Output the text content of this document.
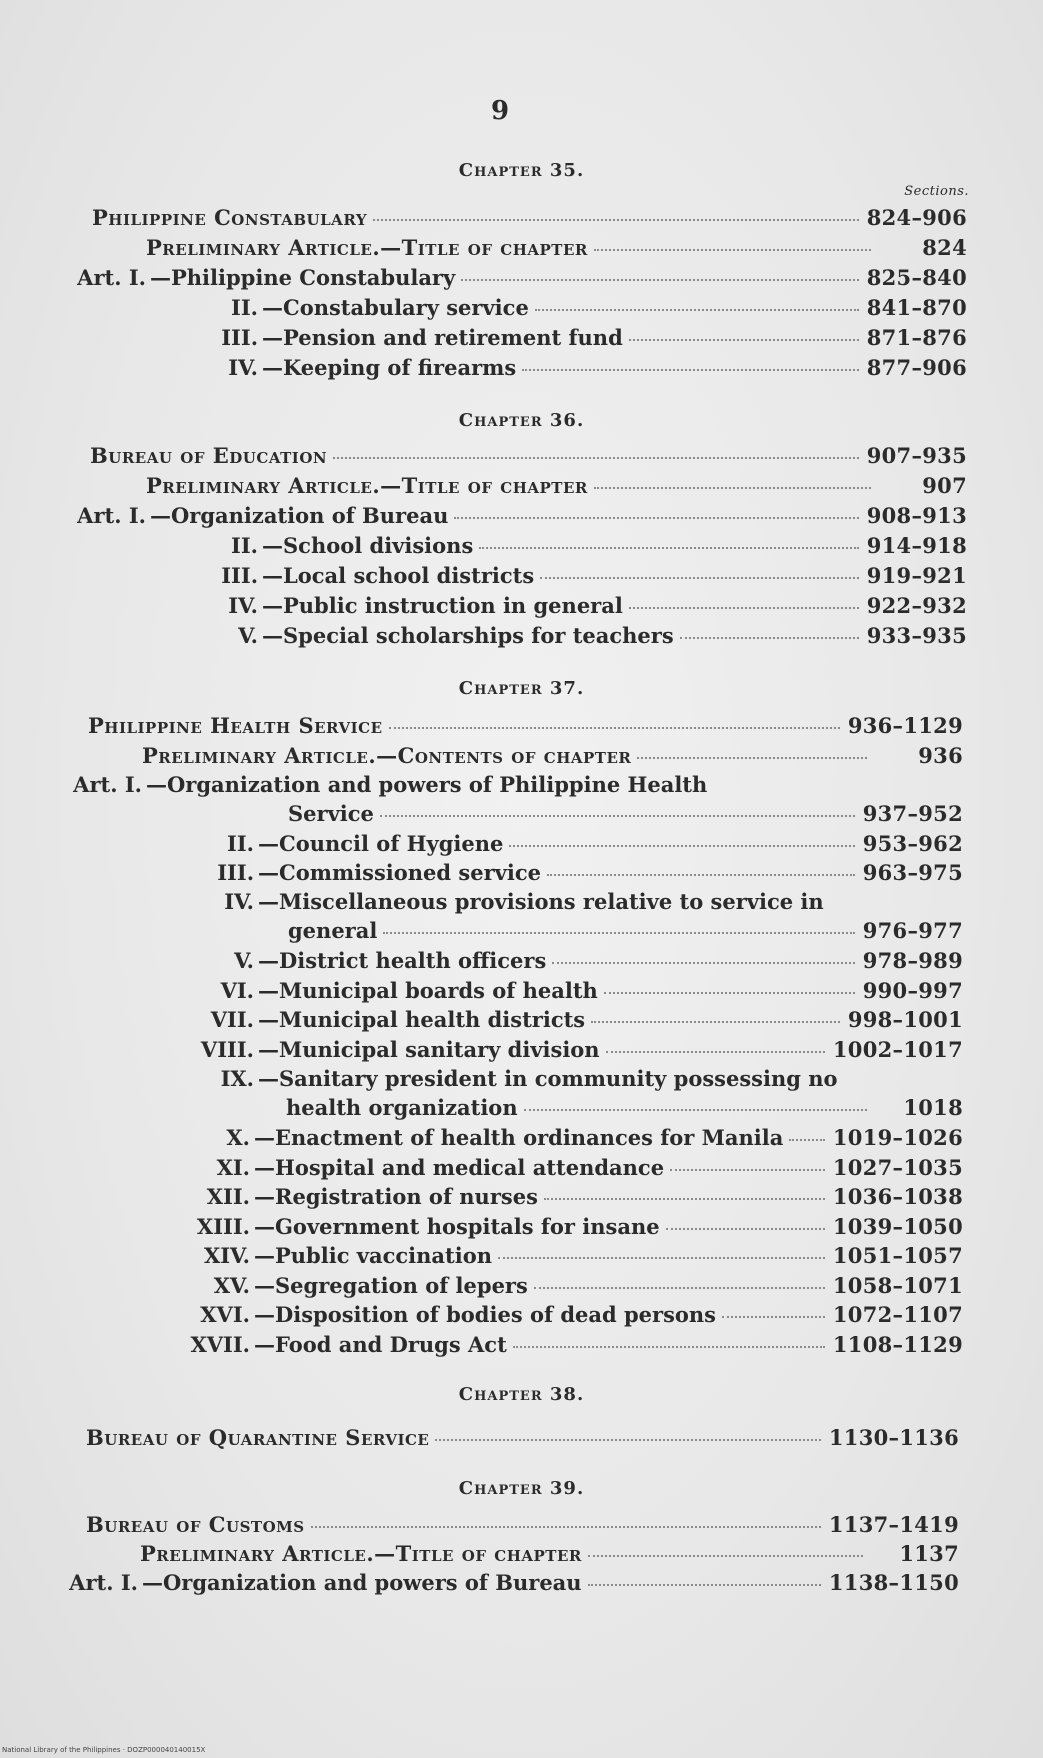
9
Sections.
Chapter 35.
Philippine Constabulary	824–906
Preliminary Article.—Title of chapter	824
Art. I. —Philippine Constabulary	825–840
II. —Constabulary service	841–870
III. —Pension and retirement fund	871–876
IV. —Keeping of firearms	877–906
Chapter 36.
Bureau of Education	907–935
Preliminary Article.—Title of chapter	907
Art. I. —Organization of Bureau	908–913
II. —School divisions	914–918
III. —Local school districts	919–921
IV. —Public instruction in general	922–932
V. —Special scholarships for teachers	933–935
Chapter 37.
Philippine Health Service	936–1129
Preliminary Article.—Contents of chapter	936
Art. I. —Organization and powers of Philippine Health
Service	937–952
II. —Council of Hygiene	953–962
III. —Commissioned service	963–975
IV. —Miscellaneous provisions relative to service in
general	976–977
V. —District health officers	978–989
VI. —Municipal boards of health	990–997
VII. —Municipal health districts	998–1001
VIII. —Municipal sanitary division	1002–1017
IX. —Sanitary president in community possessing no
health organization	1018
X. —Enactment of health ordinances for Manila 1019–1026
XI. —Hospital and medical attendance	1027–1035
XII. —Registration of nurses	1036–1038
XIII. —Government hospitals for insane	1039–1050
XIV. —Public vaccination	1051–1057
XV. —Segregation of lepers	1058–1071
XVI. —Disposition of bodies of dead persons	1072–1107
XVII. —Food and Drugs Act	1108–1129
Chapter 38.
Bureau of Quarantine Service	1130–1136
Chapter 39.
Bureau of Customs	1137–1419
Preliminary Article.—Title of chapter	1137
Art. I. —Organization and powers of Bureau	1138–1150
National Library of the Philippines · DOZP000040140015X
